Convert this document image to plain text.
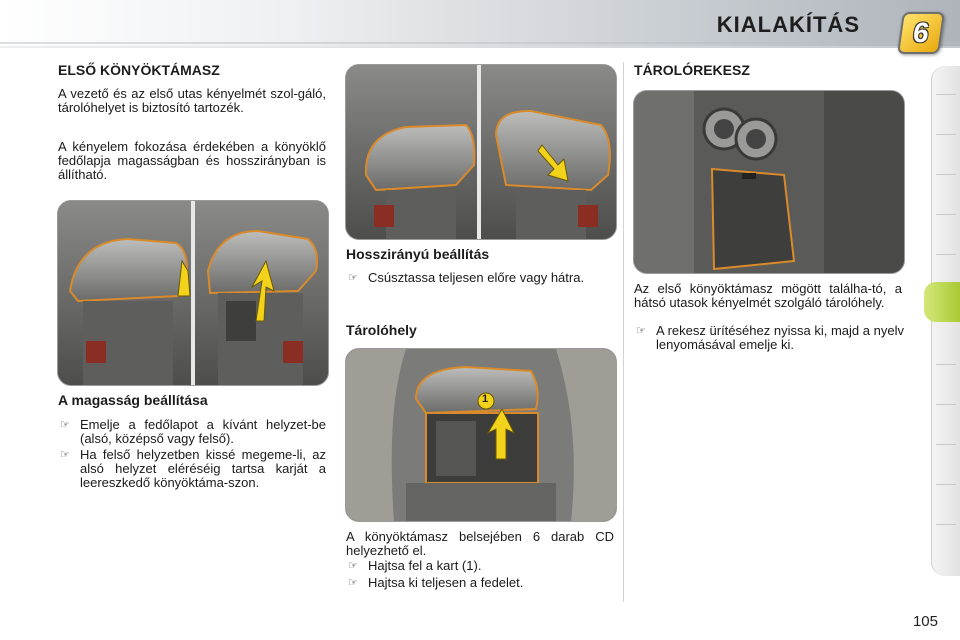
KIALAKÍTÁS 6
ELSŐ KÖNYÖKTÁMASZ

A vezető és az első utas kényelmét szol-gáló, tárolóhelyet is biztosító tartozék.

A kényelem fokozása érdekében a könyöklő fedőlapja magasságban és hosszirányban is állítható.

A magasság beállítása
☞ Emelje a fedőlapot a kívánt helyzet-be (alsó, középső vagy felső).
☞ Ha felső helyzetben kissé megeme-li, az alsó helyzet eléréséig tartsa karját a leereszkedő könyöktáma-szon.
Hosszirányú beállítás
☞ Csúsztassa teljesen előre vagy hátra.
Tárolóhely
1

A könyöktámasz belsejében 6 darab CD helyezhető el.

☞ Hajtsa fel a kart (1).
☞ Hajtsa ki teljesen a fedelet.
TÁROLÓREKESZ

Az első könyöktámasz mögött találha-tó, a hátsó utasok kényelmét szolgáló tárolóhely.

☞ A rekesz ürítéséhez nyissa ki, majd a nyelv lenyomásával emelje ki.
105
